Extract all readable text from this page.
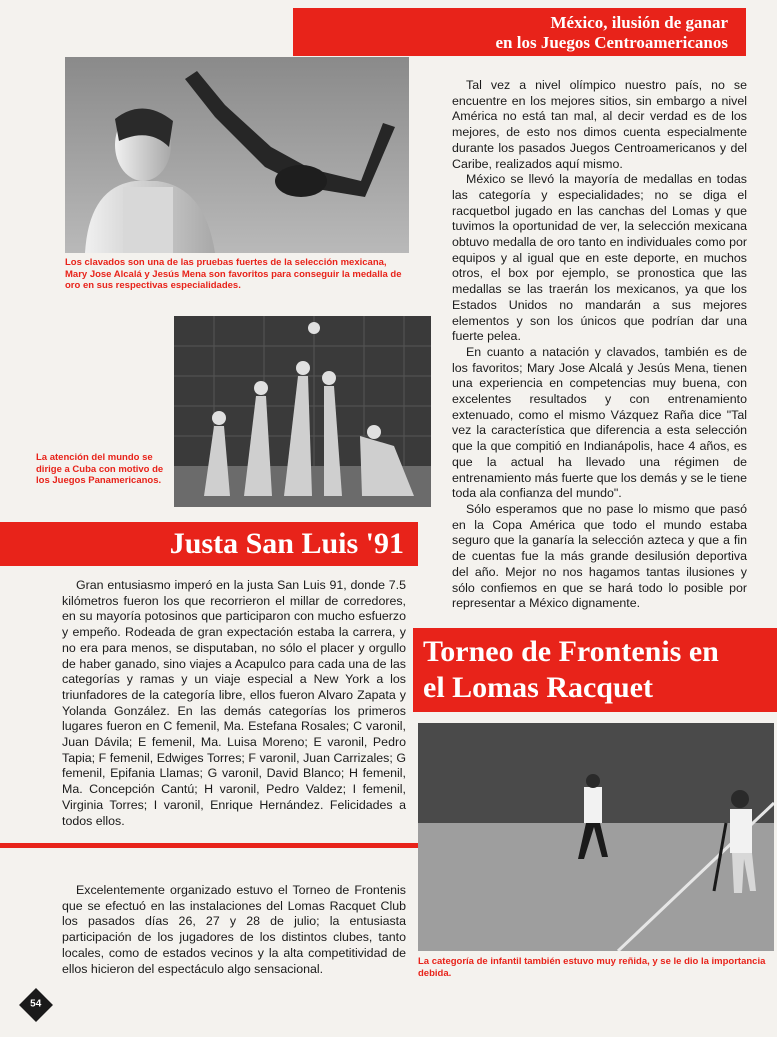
México, ilusión de ganar
en los Juegos Centroamericanos
Los clavados son una de las pruebas fuertes de la selección mexicana, Mary Jose Alcalá y Jesús Mena son favoritos para conseguir la medalla de oro en sus respectivas especialidades.
La atención del mundo se dirige a Cuba con motivo de los Juegos Panamericanos.

Tal vez a nivel olímpico nuestro país, no se encuentre en los mejores sitios, sin embargo a nivel América no está tan mal, al decir verdad es de los mejores, de esto nos dimos cuenta especialmente durante los pasados Juegos Centroamericanos y del Caribe, realizados aquí mismo.

México se llevó la mayoría de medallas en todas las categoría y especialidades; no se diga el racquetbol jugado en las canchas del Lomas y que tuvimos la oportunidad de ver, la selección mexicana obtuvo medalla de oro tanto en individuales como por equipos y al igual que en este deporte, en muchos otros, el box por ejemplo, se pronostica que las medallas se las traerán los mexicanos, ya que los Estados Unidos no mandarán a sus mejores elementos y son los únicos que podrían dar una fuerte pelea.

En cuanto a natación y clavados, también es de los favoritos; Mary Jose Alcalá y Jesús Mena, tienen una experiencia en competencias muy buena, con excelentes resultados y con entrenamiento extenuado, como el mismo Vázquez Raña dice "Tal vez la característica que diferencia a esta selección que la que compitió en Indianápolis, hace 4 años, es que la actual ha llevado una régimen de entrenamiento más fuerte que los demás y se le tiene toda ala confianza del mundo".

Sólo esperamos que no pase lo mismo que pasó en la Copa América que todo el mundo estaba seguro que la ganaría la selección azteca y que a fin de cuentas fue la más grande desilusión deportiva del año. Mejor no nos hagamos tantas ilusiones y sólo confiemos en que se hará todo lo posible por representar a México dignamente.

Justa San Luis '91

Gran entusiasmo imperó en la justa San Luis 91, donde 7.5 kilómetros fueron los que recorrieron el millar de corredores, en su mayoría potosinos que participaron con mucho esfuerzo y empeño. Rodeada de gran expectación estaba la carrera, y no era para menos, se disputaban, no sólo el placer y orgullo de haber ganado, sino viajes a Acapulco para cada una de las categorías y ramas y un viaje especial a New York a los triunfadores de la categoría libre, ellos fueron Alvaro Zapata y Yolanda González. En las demás categorías los primeros lugares fueron en C femenil, Ma. Estefana Rosales; C varonil, Juan Dávila; E femenil, Ma. Luisa Moreno; E varonil, Pedro Tapia; F femenil, Edwiges Torres; F varonil, Juan Carrizales; G femenil, Epifania Llamas; G varonil, David Blanco; H femenil, Ma. Concepción Cantú; H varonil, Pedro Valdez; I femenil, Virginia Torres; I varonil, Enrique Hernández. Felicidades a todos ellos.

Torneo de Frontenis en
el Lomas Racquet
La categoría de infantil también estuvo muy reñida, y se le dio la importancia debida.

Excelentemente organizado estuvo el Torneo de Frontenis que se efectuó en las instalaciones del Lomas Racquet Club los pasados días 26, 27 y 28 de julio; la entusiasta participación de los jugadores de los distintos clubes, tanto locales, como de estados vecinos y la alta competitividad de ellos hicieron del espectáculo algo sensacional.

54
